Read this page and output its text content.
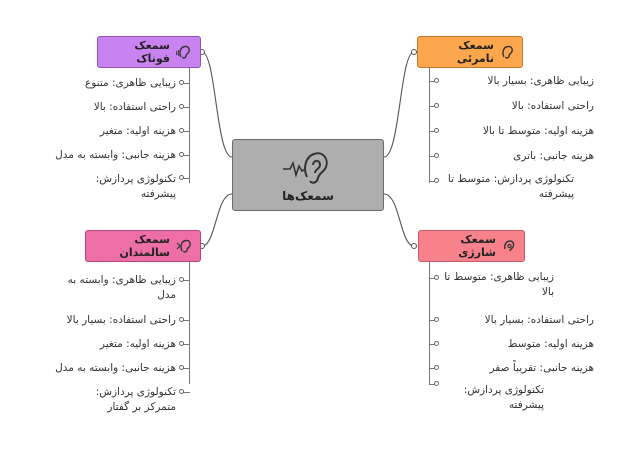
سمعک‌ها
سمعک نامرئی
سمعک شارژی
سمعک فوناک
سمعک سالمندان
زیبایی ظاهری: بسیار بالا
راحتی استفاده: بالا
هزینه اولیه: متوسط تا بالا
هزینه جانبی: باتری
تکنولوژی پردازش: متوسط تا پیشرفته
زیبایی ظاهری: متوسط تا بالا
راحتی استفاده: بسیار بالا
هزینه اولیه: متوسط
هزینه جانبی: تقریباً صفر
تکنولوژی پردازش: پیشرفته
زیبایی ظاهری: متنوع
راحتی استفاده: بالا
هزینه اولیه: متغیر
هزینه جانبی: وابسته به مدل
تکنولوژی پردازش: پیشرفته
زیبایی ظاهری: وابسته به مدل
راحتی استفاده: بسیار بالا
هزینه اولیه: متغیر
هزینه جانبی: وابسته به مدل
تکنولوژی پردازش: متمرکز بر گفتار
